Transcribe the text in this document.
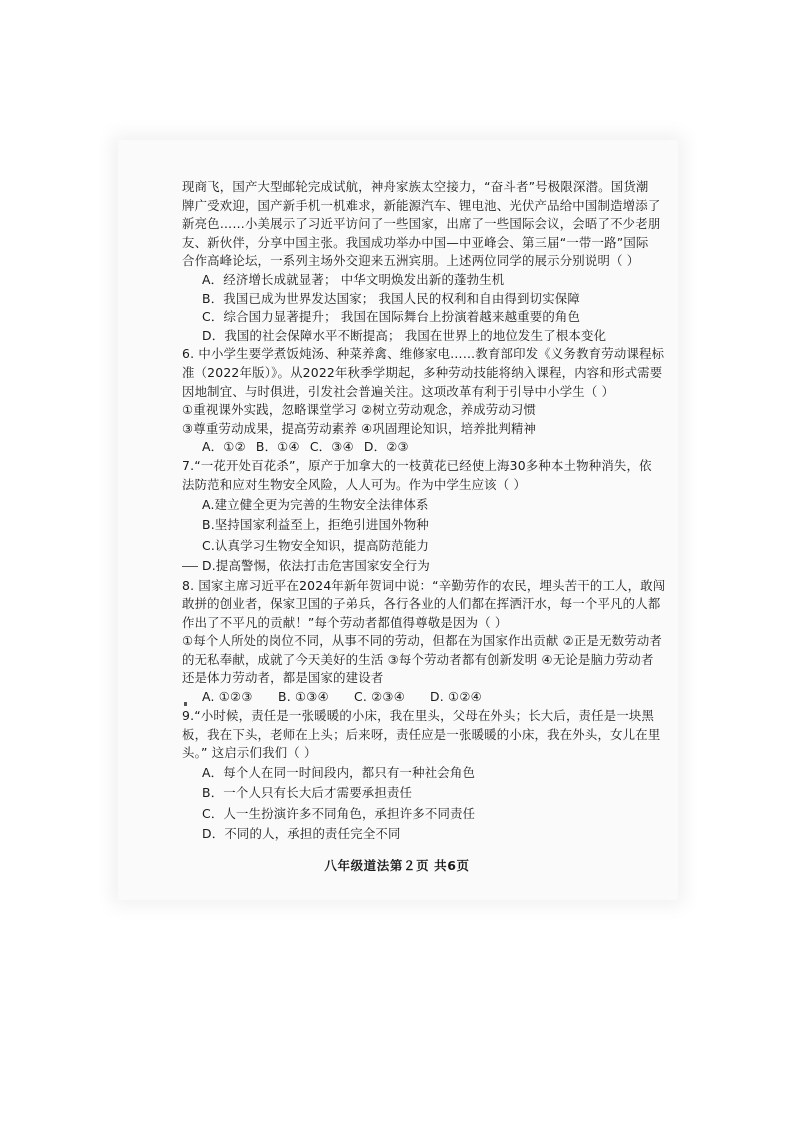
现商飞，国产大型邮轮完成试航，神舟家族太空接力，“奋斗者”号极限深潜。国货潮
牌广受欢迎，国产新手机一机难求，新能源汽车、锂电池、光伏产品给中国制造增添了
新亮色……小美展示了习近平访问了一些国家，出席了一些国际会议，会晤了不少老朋
友、新伙伴，分享中国主张。我国成功举办中国—中亚峰会、第三届“一带一路”国际
合作高峰论坛，一系列主场外交迎来五洲宾朋。上述两位同学的展示分别说明（ ）
A．经济增长成就显著； 中华文明焕发出新的蓬勃生机
B．我国已成为世界发达国家； 我国人民的权利和自由得到切实保障
C．综合国力显著提升； 我国在国际舞台上扮演着越来越重要的角色
D．我国的社会保障水平不断提高； 我国在世界上的地位发生了根本变化
6. 中小学生要学煮饭炖汤、种菜养禽、维修家电……教育部印发《义务教育劳动课程标
准（2022年版）》。从2022年秋季学期起，多种劳动技能将纳入课程，内容和形式需要
因地制宜、与时俱进，引发社会普遍关注。这项改革有利于引导中小学生（ ）
①重视课外实践，忽略课堂学习 ②树立劳动观念，养成劳动习惯
③尊重劳动成果，提高劳动素养 ④巩固理论知识，培养批判精神
A．①② B．①④ C．③④ D．②③
7.“一花开处百花杀”，原产于加拿大的一枝黄花已经使上海30多种本土物种消失，依
法防范和应对生物安全风险，人人可为。作为中学生应该（ ）
A.建立健全更为完善的生物安全法律体系
B.坚持国家利益至上，拒绝引进国外物种
C.认真学习生物安全知识，提高防范能力
D.提高警惕，依法打击危害国家安全行为
8. 国家主席习近平在2024年新年贺词中说：“辛勤劳作的农民，埋头苦干的工人，敢闯
敢拼的创业者，保家卫国的子弟兵，各行各业的人们都在挥洒汗水，每一个平凡的人都
作出了不平凡的贡献！”每个劳动者都值得尊敬是因为（ ）
①每个人所处的岗位不同，从事不同的劳动，但都在为国家作出贡献 ②正是无数劳动者
的无私奉献，成就了今天美好的生活 ③每个劳动者都有创新发明 ④无论是脑力劳动者
还是体力劳动者，都是国家的建设者
A. ①②③ B. ①③④ C. ②③④ D. ①②④
9.“小时候，责任是一张暖暖的小床，我在里头，父母在外头；长大后，责任是一块黑
板，我在下头，老师在上头；后来呀，责任应是一张暖暖的小床，我在外头，女儿在里
头。” 这启示们我们（ ）
A．每个人在同一时间段内，都只有一种社会角色
B．一个人只有长大后才需要承担责任
C．人一生扮演许多不同角色，承担许多不同责任
D．不同的人，承担的责任完全不同
八年级道法第２页 共6页
